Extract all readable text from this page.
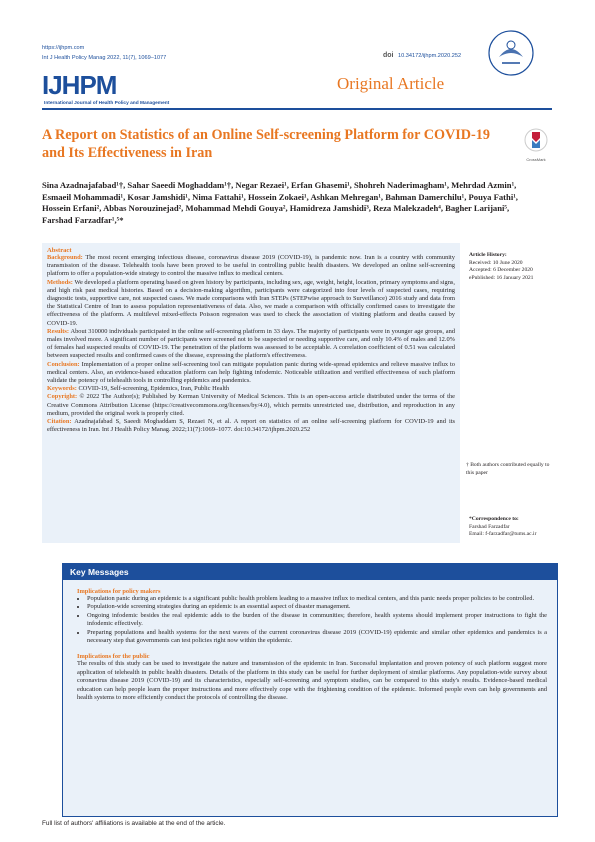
https://ijhpm.com
Int J Health Policy Manag 2022, 11(7), 1069–1077	doi 10.34172/ijhpm.2020.252
IJHPM
International Journal of Health Policy and Management
Original Article
A Report on Statistics of an Online Self-screening Platform for COVID-19 and Its Effectiveness in Iran	CrossMark
Sina Azadnajafabad¹†, Sahar Saeedi Moghaddam¹†, Negar Rezaei¹, Erfan Ghasemi¹, Shohreh Naderimagham¹, Mehrdad Azmin¹, Esmaeil Mohammadi¹, Kosar Jamshidi¹, Nima Fattahi¹, Hossein Zokaei¹, Ashkan Mehregan¹, Bahman Damerchilu¹, Pouya Fathi¹, Hossein Erfani², Abbas Norouzinejad², Mohammad Mehdi Gouya², Hamidreza Jamshidi³, Reza Malekzadeh⁴, Bagher Larijani⁵, Farshad Farzadfar¹,⁵*
Abstract
Background: The most recent emerging infectious disease, coronavirus disease 2019 (COVID-19), is pandemic now. Iran is a country with community transmission of the disease. Telehealth tools have been proved to be useful in controlling public health disasters. We developed an online self-screening platform to offer a population-wide strategy to control the massive influx to medical centers.
Methods: We developed a platform operating based on given history by participants, including sex, age, weight, height, location, primary symptoms and signs, and high risk past medical histories. Based on a decision-making algorithm, participants were categorized into four levels of suspected cases, requiring diagnostic tests, supportive care, not suspected cases. We made comparisons with Iran STEPs (STEPwise approach to Surveillance) 2016 study and data from the Statistical Centre of Iran to assess population representativeness of data. Also, we made a comparison with officially confirmed cases to investigate the effectiveness of the platform. A multilevel mixed-effects Poisson regression was used to check the association of visiting platform and deaths caused by COVID-19.
Results: About 310000 individuals participated in the online self-screening platform in 33 days. The majority of participants were in younger age groups, and males involved more. A significant number of participants were screened not to be suspected or needing supportive care, and only 10.4% of males and 12.0% of females had suspected results of COVID-19. The penetration of the platform was assessed to be acceptable. A correlation coefficient of 0.51 was calculated between suspected results and confirmed cases of the disease, expressing the platform's effectiveness.
Conclusion: Implementation of a proper online self-screening tool can mitigate population panic during wide-spread epidemics and relieve massive influx to medical centers. Also, an evidence-based education platform can help fighting infodemic. Noticeable utilization and verified effectiveness of such platform validate the potency of telehealth tools in controlling epidemics and pandemics.
Keywords: COVID-19, Self-screening, Epidemics, Iran, Public Health
Copyright: © 2022 The Author(s); Published by Kerman University of Medical Sciences. This is an open-access article distributed under the terms of the Creative Commons Attribution License (https://creativecommons.org/licenses/by/4.0), which permits unrestricted use, distribution, and reproduction in any medium, provided the original work is properly cited.
Citation: Azadnajafabad S, Saeedi Moghaddam S, Rezaei N, et al. A report on statistics of an online self-screening platform for COVID-19 and its effectiveness in Iran. Int J Health Policy Manag. 2022;11(7):1069–1077. doi:10.34172/ijhpm.2020.252
Article History:
Received: 10 June 2020
Accepted: 6 December 2020
ePublished: 16 January 2021
† Both authors contributed equally to this paper
*Correspondence to:
Farshad Farzadfar
Email: f-farzadfar@tums.ac.ir
Key Messages
Implications for policy makers
• Population panic during an epidemic is a significant public health problem leading to a massive influx to medical centers, and this panic needs proper policies to be controlled.
• Population-wide screening strategies during an epidemic is an essential aspect of disaster management.
• Ongoing infodemic besides the real epidemic adds to the burden of the disease in communities; therefore, health systems should implement proper instructions to fight the infodemic effectively.
• Preparing populations and health systems for the next waves of the current coronavirus disease 2019 (COVID-19) epidemic and similar other epidemics and pandemics is a necessary step that governments can test policies right now within the epidemic.
Implications for the public
The results of this study can be used to investigate the nature and transmission of the epidemic in Iran. Successful implantation and proven potency of such platform suggest more application of telehealth in public health disasters. Details of the platform in this study can be useful for further deployment of similar platforms. Any population-wide survey about coronavirus disease 2019 (COVID-19) and its characteristics, especially self-screening and symptom studies, can be compared to this study's results. Evidence-based medical education can help people learn the proper instructions and more effectively cope with the frightening condition of the epidemic. Informed people even can help governments and health systems to more efficiently conduct the protocols of controlling the disease.
Full list of authors' affiliations is available at the end of the article.
